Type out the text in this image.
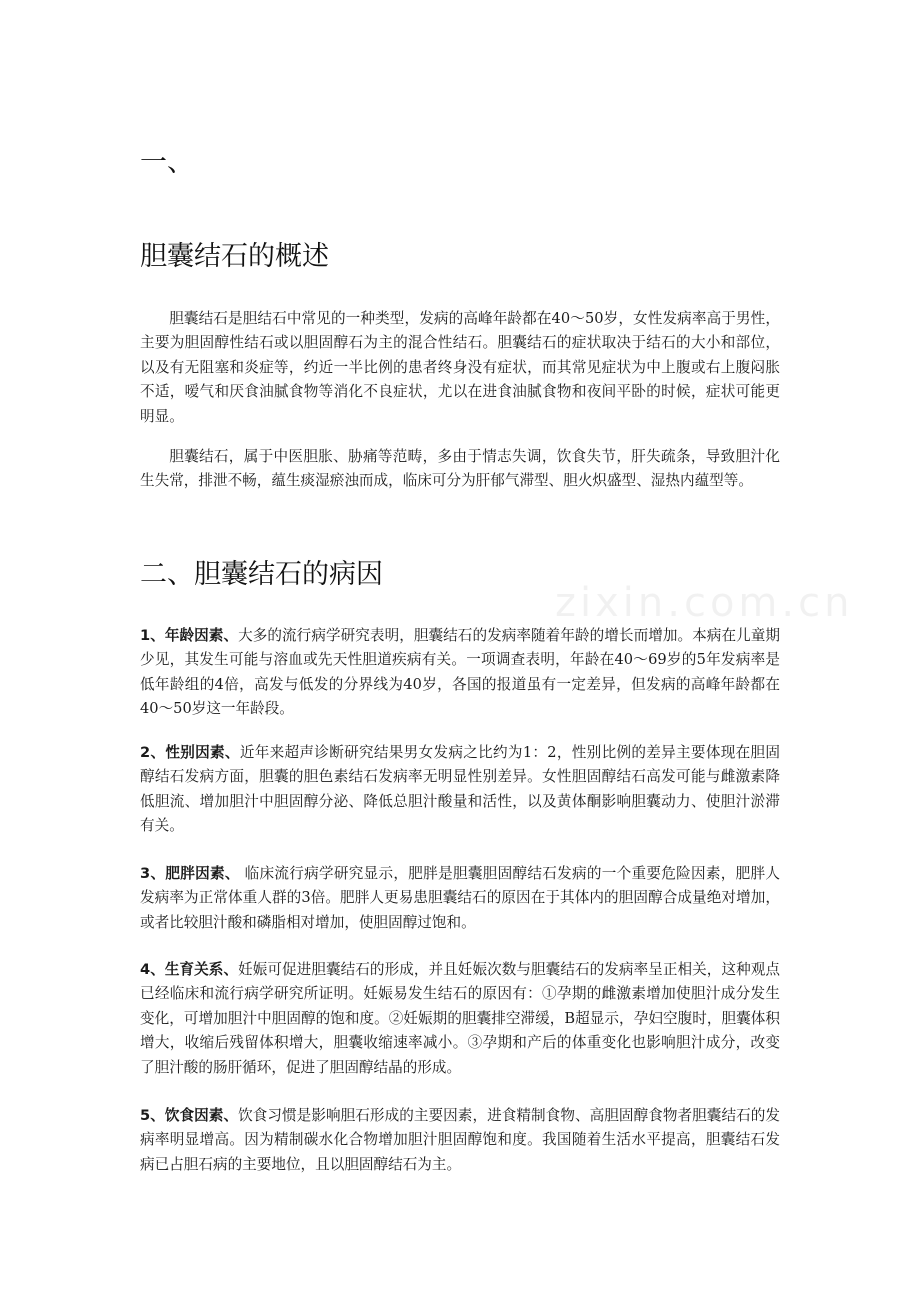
一、
胆囊结石的概述

胆囊结石是胆结石中常见的一种类型，发病的高峰年龄都在40～50岁，女性发病率高于男性，主要为胆固醇性结石或以胆固醇石为主的混合性结石。胆囊结石的症状取决于结石的大小和部位，以及有无阻塞和炎症等，约近一半比例的患者终身没有症状，而其常见症状为中上腹或右上腹闷胀不适，嗳气和厌食油腻食物等消化不良症状，尤以在进食油腻食物和夜间平卧的时候，症状可能更明显。

胆囊结石，属于中医胆胀、胁痛等范畴，多由于情志失调，饮食失节，肝失疏条，导致胆汁化生失常，排泄不畅，蕴生痰湿瘀浊而成，临床可分为肝郁气滞型、胆火炽盛型、湿热内蕴型等。

二、胆囊结石的病因
zixin.com.cn

1、年龄因素、大多的流行病学研究表明，胆囊结石的发病率随着年龄的增长而增加。本病在儿童期少见，其发生可能与溶血或先天性胆道疾病有关。一项调查表明，年龄在40～69岁的5年发病率是低年龄组的4倍，高发与低发的分界线为40岁，各国的报道虽有一定差异，但发病的高峰年龄都在40～50岁这一年龄段。

2、性别因素、近年来超声诊断研究结果男女发病之比约为1：2，性别比例的差异主要体现在胆固醇结石发病方面，胆囊的胆色素结石发病率无明显性别差异。女性胆固醇结石高发可能与雌激素降低胆流、增加胆汁中胆固醇分泌、降低总胆汁酸量和活性，以及黄体酮影响胆囊动力、使胆汁淤滞有关。

3、肥胖因素、 临床流行病学研究显示，肥胖是胆囊胆固醇结石发病的一个重要危险因素，肥胖人发病率为正常体重人群的3倍。肥胖人更易患胆囊结石的原因在于其体内的胆固醇合成量绝对增加，或者比较胆汁酸和磷脂相对增加，使胆固醇过饱和。

4、生育关系、妊娠可促进胆囊结石的形成，并且妊娠次数与胆囊结石的发病率呈正相关，这种观点已经临床和流行病学研究所证明。妊娠易发生结石的原因有：①孕期的雌激素增加使胆汁成分发生变化，可增加胆汁中胆固醇的饱和度。②妊娠期的胆囊排空滞缓，B超显示，孕妇空腹时，胆囊体积增大，收缩后残留体积增大，胆囊收缩速率减小。③孕期和产后的体重变化也影响胆汁成分，改变了胆汁酸的肠肝循环，促进了胆固醇结晶的形成。

5、饮食因素、饮食习惯是影响胆石形成的主要因素，进食精制食物、高胆固醇食物者胆囊结石的发病率明显增高。因为精制碳水化合物增加胆汁胆固醇饱和度。我国随着生活水平提高，胆囊结石发病已占胆石病的主要地位，且以胆固醇结石为主。
